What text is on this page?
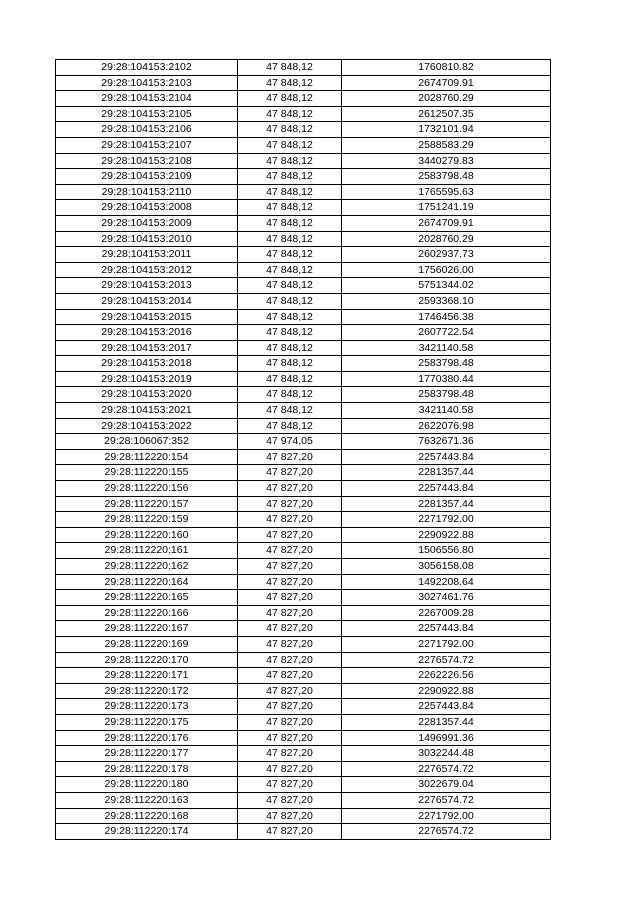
29:28:104153:2102	47 848,12	1760810.82
29:28:104153:2103	47 848,12	2674709.91
29:28:104153:2104	47 848,12	2028760.29
29:28:104153:2105	47 848,12	2612507.35
29:28:104153:2106	47 848,12	1732101.94
29:28:104153:2107	47 848,12	2588583.29
29:28:104153:2108	47 848,12	3440279.83
29:28:104153:2109	47 848,12	2583798.48
29:28:104153:2110	47 848,12	1765595.63
29:28:104153:2008	47 848,12	1751241.19
29:28:104153:2009	47 848,12	2674709.91
29:28:104153:2010	47 848,12	2028760.29
29:28:104153:2011	47 848,12	2602937.73
29:28:104153:2012	47 848,12	1756026.00
29:28:104153:2013	47 848,12	5751344.02
29:28:104153:2014	47 848,12	2593368.10
29:28:104153:2015	47 848,12	1746456.38
29:28:104153:2016	47 848,12	2607722.54
29:28:104153:2017	47 848,12	3421140.58
29:28:104153:2018	47 848,12	2583798.48
29:28:104153:2019	47 848,12	1770380.44
29:28:104153:2020	47 848,12	2583798.48
29:28:104153:2021	47 848,12	3421140.58
29:28:104153:2022	47 848,12	2622076.98
29:28:106067:352	47 974,05	7632671.36
29:28:112220:154	47 827,20	2257443.84
29:28:112220:155	47 827,20	2281357.44
29:28:112220:156	47 827,20	2257443.84
29:28:112220:157	47 827,20	2281357.44
29:28:112220:159	47 827,20	2271792.00
29:28:112220:160	47 827,20	2290922.88
29:28:112220:161	47 827,20	1506556.80
29:28:112220:162	47 827,20	3056158.08
29:28:112220:164	47 827,20	1492208.64
29:28:112220:165	47 827,20	3027461.76
29:28:112220:166	47 827,20	2267009.28
29:28:112220:167	47 827,20	2257443.84
29:28:112220:169	47 827,20	2271792.00
29:28:112220:170	47 827,20	2276574.72
29:28:112220:171	47 827,20	2262226.56
29:28:112220:172	47 827,20	2290922.88
29:28:112220:173	47 827,20	2257443.84
29:28:112220:175	47 827,20	2281357.44
29:28:112220:176	47 827,20	1496991.36
29:28:112220:177	47 827,20	3032244.48
29:28:112220:178	47 827,20	2276574.72
29:28:112220:180	47 827,20	3022679.04
29:28:112220:163	47 827,20	2276574.72
29:28:112220:168	47 827,20	2271792.00
29:28:112220:174	47 827,20	2276574.72
